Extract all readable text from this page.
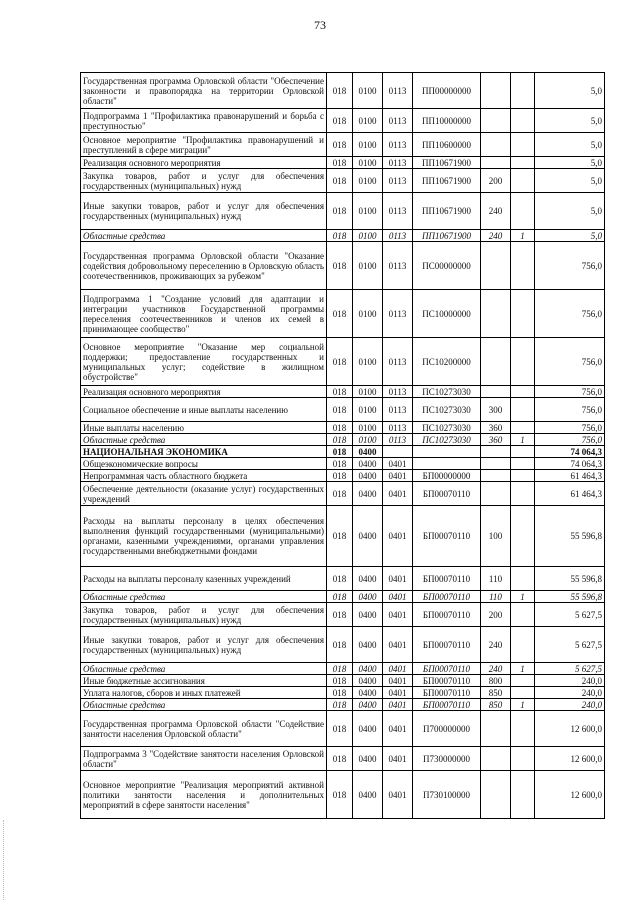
73
Государственная программа Орловской области "Обеспечение законности и правопорядка на территории Орловской области"	018	0100	0113	ПП00000000			5,0
Подпрограмма 1 "Профилактика правонарушений и борьба с преступностью"	018	0100	0113	ПП10000000			5,0
Основное мероприятие "Профилактика правонарушений и преступлений в сфере миграции"	018	0100	0113	ПП10600000			5,0
Реализация основного мероприятия	018	0100	0113	ПП10671900			5,0
Закупка товаров, работ и услуг для обеспечения государственных (муниципальных) нужд	018	0100	0113	ПП10671900	200		5,0
Иные закупки товаров, работ и услуг для обеспечения государственных (муниципальных) нужд	018	0100	0113	ПП10671900	240		5,0
Областные средства	018	0100	0113	ПП10671900	240	1	5,0
Государственная программа Орловской области "Оказание содействия добровольному переселению в Орловскую область соотечественников, проживающих за рубежом"	018	0100	0113	ПС00000000			756,0
Подпрограмма 1 "Создание условий для адаптации и интеграции участников Государственной программы переселения соотечественников и членов их семей в принимающее сообщество"	018	0100	0113	ПС10000000			756,0
Основное мероприятие "Оказание мер социальной поддержки; предоставление государственных и муниципальных услуг; содействие в жилищном обустройстве"	018	0100	0113	ПС10200000			756,0
Реализация основного мероприятия	018	0100	0113	ПС10273030			756,0
Социальное обеспечение и иные выплаты населению	018	0100	0113	ПС10273030	300		756,0
Иные выплаты населению	018	0100	0113	ПС10273030	360		756,0
Областные средства	018	0100	0113	ПС10273030	360	1	756,0
НАЦИОНАЛЬНАЯ ЭКОНОМИКА	018	0400					74 064,3
Общеэкономические вопросы	018	0400	0401				74 064,3
Непрограммная часть областного бюджета	018	0400	0401	БП00000000			61 464,3
Обеспечение деятельности (оказание услуг) государственных учреждений	018	0400	0401	БП00070110			61 464,3
Расходы на выплаты персоналу в целях обеспечения выполнения функций государственными (муниципальными) органами, казенными учреждениями, органами управления государственными внебюджетными фондами	018	0400	0401	БП00070110	100		55 596,8
Расходы на выплаты персоналу казенных учреждений	018	0400	0401	БП00070110	110		55 596,8
Областные средства	018	0400	0401	БП00070110	110	1	55 596,8
Закупка товаров, работ и услуг для обеспечения государственных (муниципальных) нужд	018	0400	0401	БП00070110	200		5 627,5
Иные закупки товаров, работ и услуг для обеспечения государственных (муниципальных) нужд	018	0400	0401	БП00070110	240		5 627,5
Областные средства	018	0400	0401	БП00070110	240	1	5 627,5
Иные бюджетные ассигнования	018	0400	0401	БП00070110	800		240,0
Уплата налогов, сборов и иных платежей	018	0400	0401	БП00070110	850		240,0
Областные средства	018	0400	0401	БП00070110	850	1	240,0
Государственная программа Орловской области "Содействие занятости населения Орловской области"	018	0400	0401	П700000000			12 600,0
Подпрограмма 3 "Содействие занятости населения Орловской области"	018	0400	0401	П730000000			12 600,0
Основное мероприятие "Реализация мероприятий активной политики занятости населения и дополнительных мероприятий в сфере занятости населения"	018	0400	0401	П730100000			12 600,0
